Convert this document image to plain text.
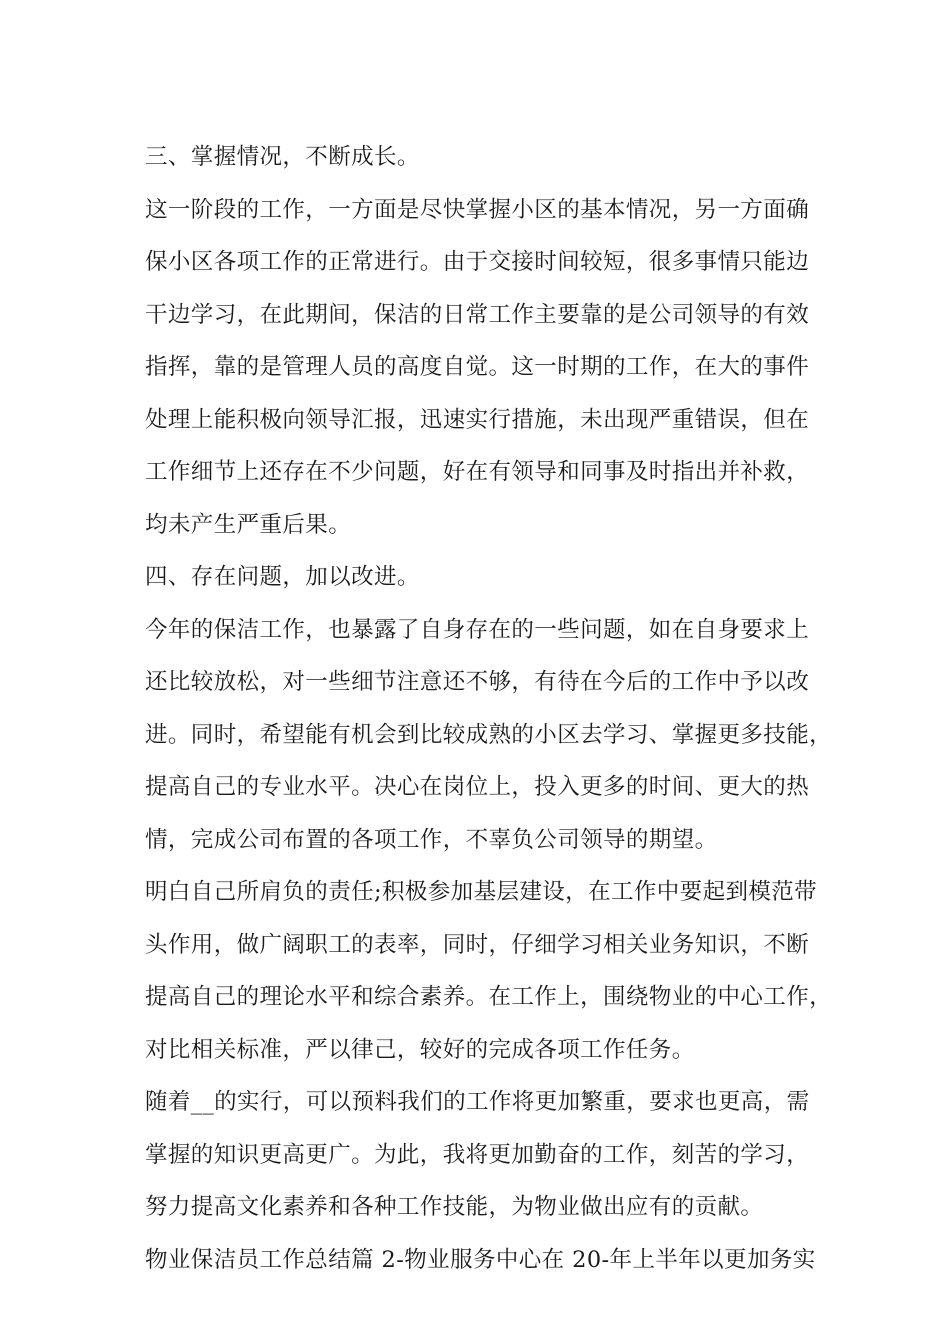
三、掌握情况，不断成长。
这一阶段的工作，一方面是尽快掌握小区的基本情况，另一方面确
保小区各项工作的正常进行。由于交接时间较短，很多事情只能边
干边学习，在此期间，保洁的日常工作主要靠的是公司领导的有效
指挥，靠的是管理人员的高度自觉。这一时期的工作，在大的事件
处理上能积极向领导汇报，迅速实行措施，未出现严重错误，但在
工作细节上还存在不少问题，好在有领导和同事及时指出并补救，
均未产生严重后果。
四、存在问题，加以改进。
今年的保洁工作，也暴露了自身存在的一些问题，如在自身要求上
还比较放松，对一些细节注意还不够，有待在今后的工作中予以改
进。同时，希望能有机会到比较成熟的小区去学习、掌握更多技能，
提高自己的专业水平。决心在岗位上，投入更多的时间、更大的热
情，完成公司布置的各项工作，不辜负公司领导的期望。
明白自己所肩负的责任;积极参加基层建设，在工作中要起到模范带
头作用，做广阔职工的表率，同时，仔细学习相关业务知识，不断
提高自己的理论水平和综合素养。在工作上，围绕物业的中心工作，
对比相关标准，严以律己，较好的完成各项工作任务。
随着__的实行，可以预料我们的工作将更加繁重，要求也更高，需
掌握的知识更高更广。为此，我将更加勤奋的工作，刻苦的学习，
努力提高文化素养和各种工作技能，为物业做出应有的贡献。
物业保洁员工作总结篇 2-物业服务中心在 20-年上半年以更加务实
